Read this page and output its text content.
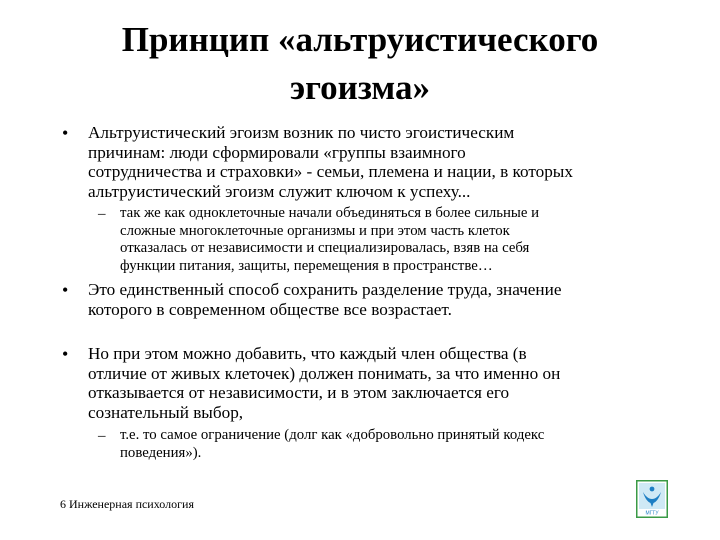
Принцип «альтруистического
эгоизма»
• Альтруистический эгоизм возник по чисто эгоистическим
причинам: люди сформировали «группы взаимного
сотрудничества и страховки» - семьи, племена и нации, в которых
альтруистический эгоизм служит ключом к успеху...

– так же как одноклеточные начали объединяться в более сильные и
сложные многоклеточные организмы и при этом часть клеток
отказалась от независимости и специализировалась, взяв на себя
функции питания, защиты, перемещения в пространстве…

• Это единственный способ сохранить разделение труда, значение
которого в современном обществе все возрастает.

• Но при этом можно добавить, что каждый член общества (в
отличие от живых клеточек) должен понимать, за что именно он
отказывается от независимости, и в этом заключается его
сознательный выбор,

– т.е. то самое ограничение (долг как «добровольно принятый кодекс
поведения»).

6 Инженерная психология

МГТУ
